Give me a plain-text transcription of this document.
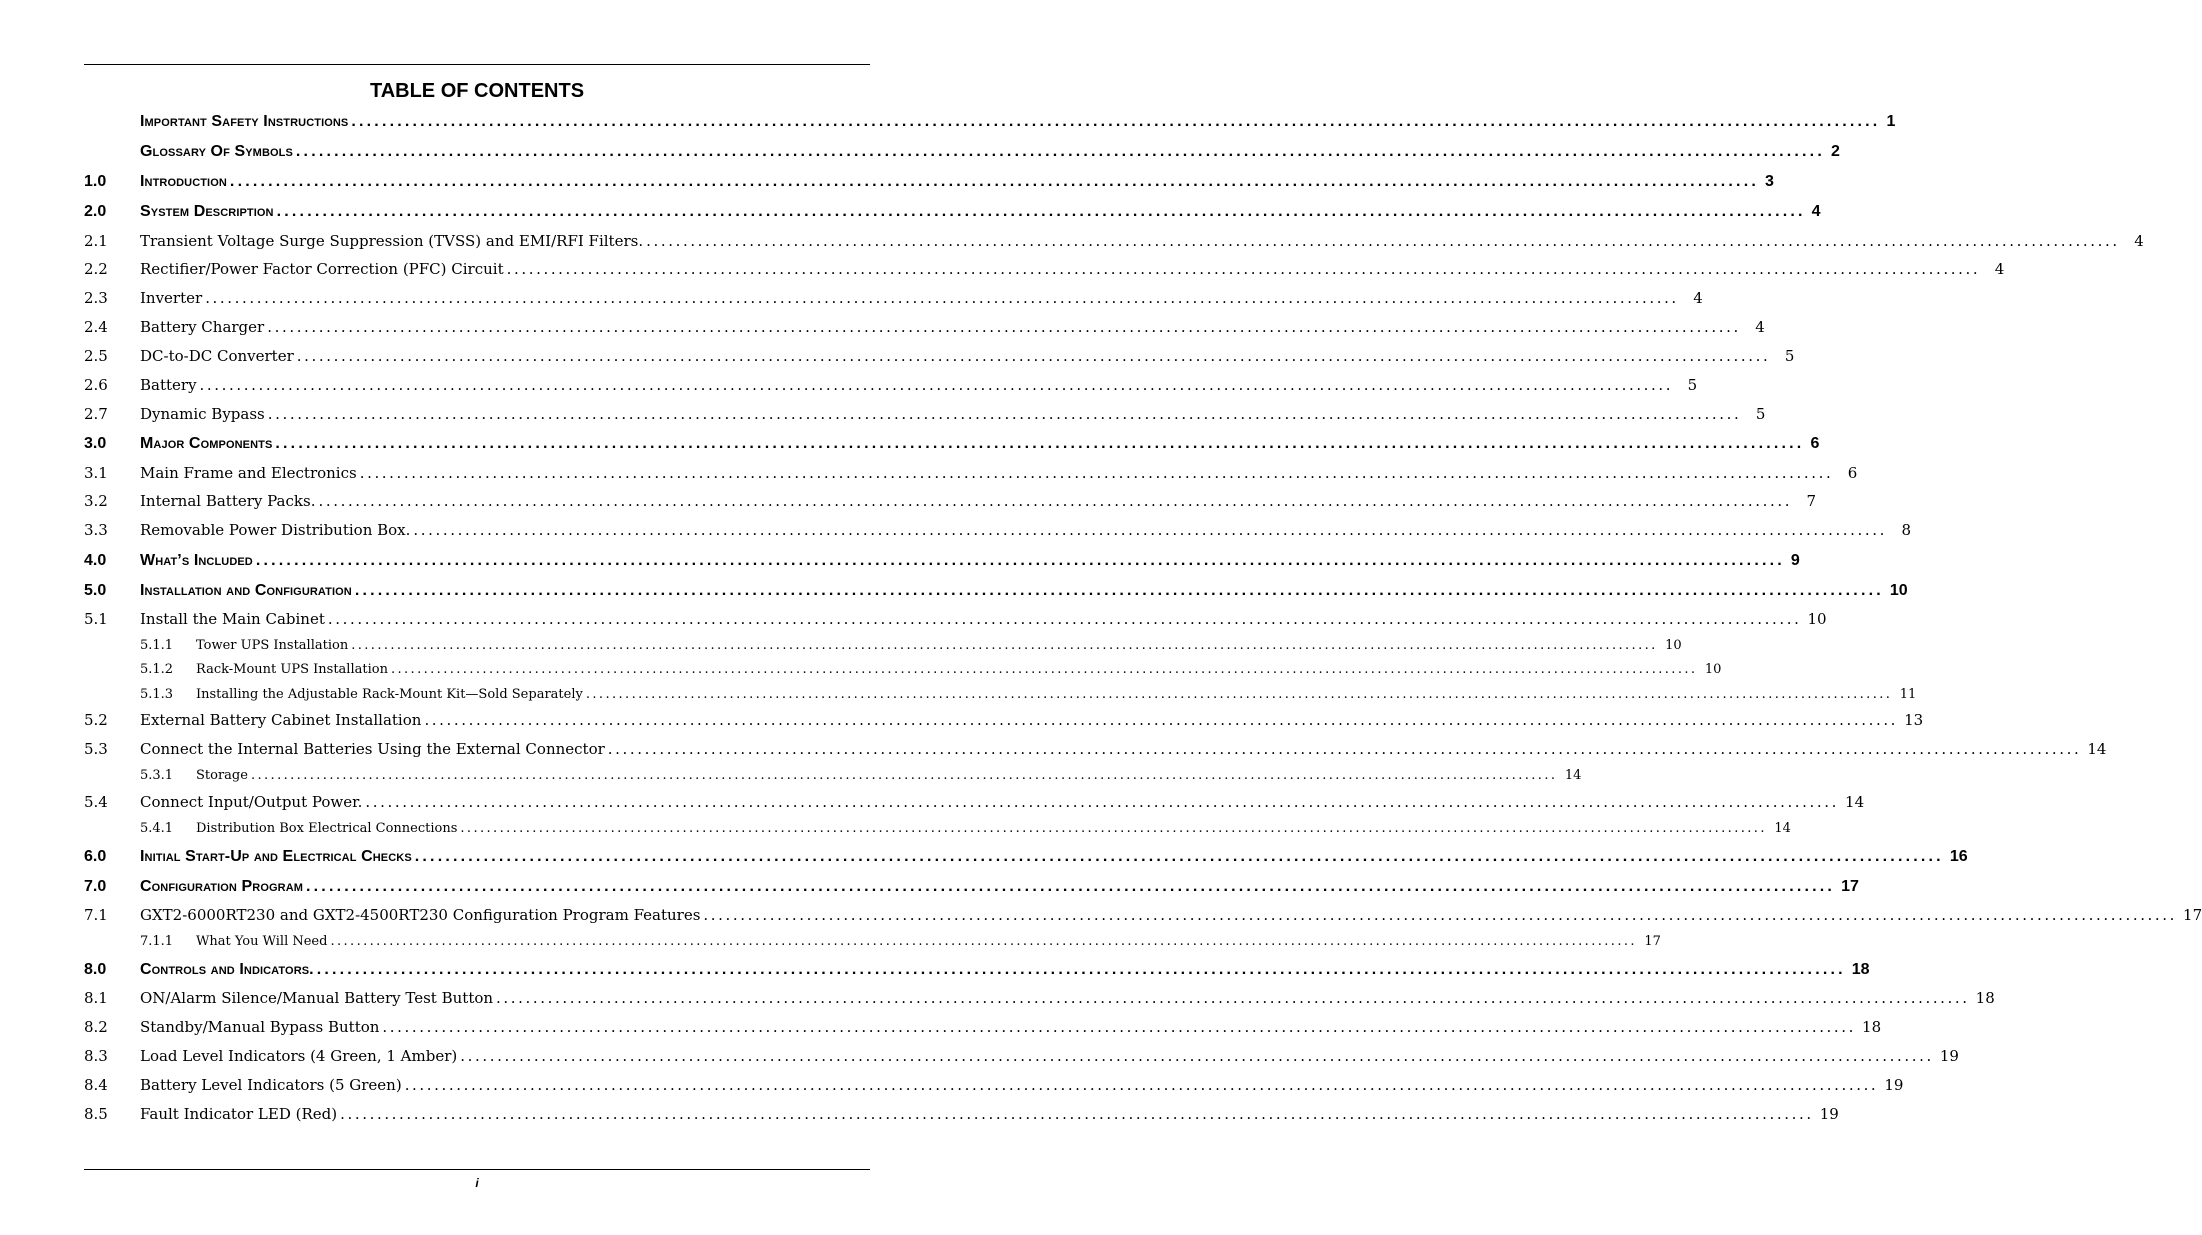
TABLE OF CONTENTS
Important Safety Instructions ........................................................................................................................................................................................................ 1
Glossary Of Symbols ........................................................................................................................................................................................................ 2
1.0	Introduction ........................................................................................................................................................................................................ 3
2.0	System Description ........................................................................................................................................................................................................ 4
2.1	Transient Voltage Surge Suppression (TVSS) and EMI/RFI Filters. ........................................................................................................................................................................................................ 4
2.2	Rectifier/Power Factor Correction (PFC) Circuit ........................................................................................................................................................................................................ 4
2.3	Inverter ........................................................................................................................................................................................................ 4
2.4	Battery Charger ........................................................................................................................................................................................................ 4
2.5	DC-to-DC Converter ........................................................................................................................................................................................................ 5
2.6	Battery ........................................................................................................................................................................................................ 5
2.7	Dynamic Bypass ........................................................................................................................................................................................................ 5
3.0	Major Components ........................................................................................................................................................................................................ 6
3.1	Main Frame and Electronics ........................................................................................................................................................................................................ 6
3.2	Internal Battery Packs. ........................................................................................................................................................................................................ 7
3.3	Removable Power Distribution Box. ........................................................................................................................................................................................................ 8
4.0	What’s Included ........................................................................................................................................................................................................ 9
5.0	Installation and Configuration ........................................................................................................................................................................................................ 10
5.1	Install the Main Cabinet ........................................................................................................................................................................................................ 10
5.1.1	Tower UPS Installation ........................................................................................................................................................................................................ 10
5.1.2	Rack-Mount UPS Installation ........................................................................................................................................................................................................ 10
5.1.3	Installing the Adjustable Rack-Mount Kit—Sold Separately ........................................................................................................................................................................................................ 11
5.2	External Battery Cabinet Installation ........................................................................................................................................................................................................ 13
5.3	Connect the Internal Batteries Using the External Connector ........................................................................................................................................................................................................ 14
5.3.1	Storage ........................................................................................................................................................................................................ 14
5.4	Connect Input/Output Power. ........................................................................................................................................................................................................ 14
5.4.1	Distribution Box Electrical Connections ........................................................................................................................................................................................................ 14
6.0	Initial Start-Up and Electrical Checks ........................................................................................................................................................................................................ 16
7.0	Configuration Program ........................................................................................................................................................................................................ 17
7.1	GXT2-6000RT230 and GXT2-4500RT230 Configuration Program Features ........................................................................................................................................................................................................ 17
7.1.1	What You Will Need ........................................................................................................................................................................................................ 17
8.0	Controls and Indicators. ........................................................................................................................................................................................................ 18
8.1	ON/Alarm Silence/Manual Battery Test Button ........................................................................................................................................................................................................ 18
8.2	Standby/Manual Bypass Button ........................................................................................................................................................................................................ 18
8.3	Load Level Indicators (4 Green, 1 Amber) ........................................................................................................................................................................................................ 19
8.4	Battery Level Indicators (5 Green) ........................................................................................................................................................................................................ 19
8.5	Fault Indicator LED (Red) ........................................................................................................................................................................................................ 19
i
